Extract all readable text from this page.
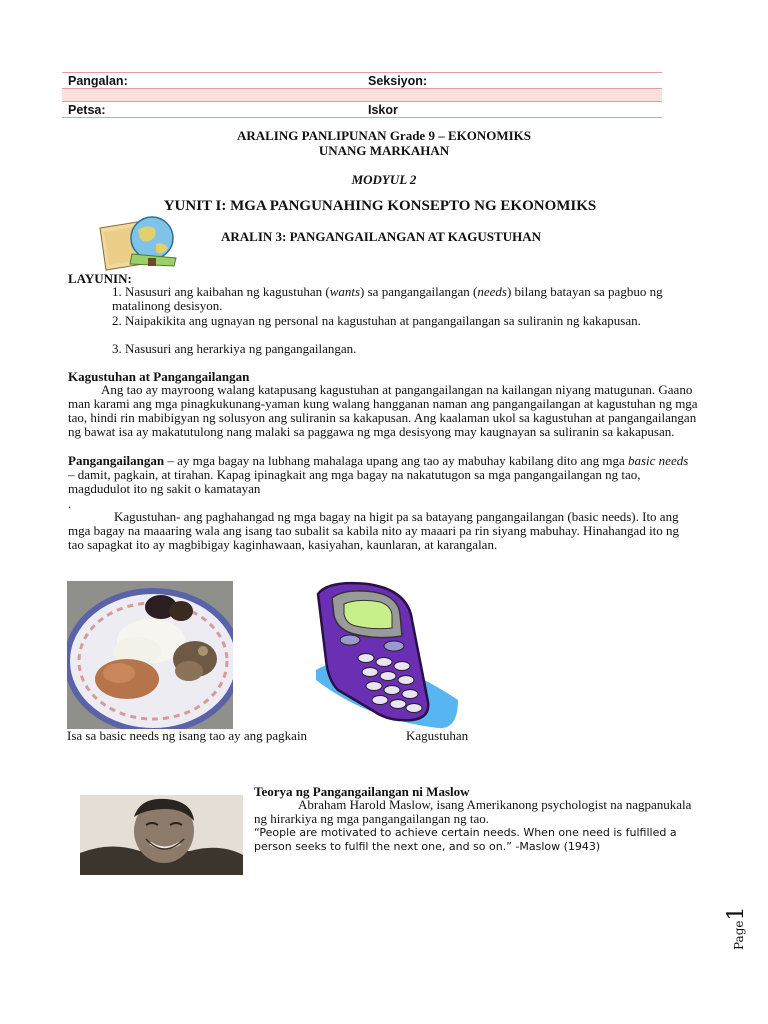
Pangalan:	Seksiyon:
Petsa:	Iskor
ARALING PANLIPUNAN Grade 9 – EKONOMIKS
UNANG MARKAHAN
MODYUL 2
YUNIT I: MGA PANGUNAHING KONSEPTO NG EKONOMIKS
ARALIN 3: PANGANGAILANGAN AT KAGUSTUHAN
LAYUNIN:
1. Nasusuri ang kaibahan ng kagustuhan (wants) sa pangangailangan (needs) bilang batayan sa pagbuo ng matalinong desisyon.
2. Naipakikita ang ugnayan ng personal na kagustuhan at pangangailangan sa suliranin ng kakapusan.
3. Nasusuri ang herarkiya ng pangangailangan.
Kagustuhan at Pangangailangan
Ang tao ay mayroong walang katapusang kagustuhan at pangangailangan na kailangan niyang matugunan. Gaano man karami ang mga pinagkukunang-yaman kung walang hangganan naman ang pangangailangan at kagustuhan ng mga tao, hindi rin mabibigyan ng solusyon ang suliranin sa kakapusan. Ang kaalaman ukol sa kagustuhan at pangangailangan ng bawat isa ay makatutulong nang malaki sa paggawa ng mga desisyong may kaugnayan sa suliranin sa kakapusan.
Pangangailangan – ay mga bagay na lubhang mahalaga upang ang tao ay mabuhay kabilang dito ang mga basic needs – damit, pagkain, at tirahan. Kapag ipinagkait ang mga bagay na nakatutugon sa mga pangangailangan ng tao, magdudulot ito ng sakit o kamatayan
.
Kagustuhan- ang paghahangad ng mga bagay na higit pa sa batayang pangangailangan (basic needs). Ito ang mga bagay na maaaring wala ang isang tao subalit sa kabila nito ay maaari pa rin siyang mabuhay. Hinahangad ito ng tao sapagkat ito ay magbibigay kaginhawaan, kasiyahan, kaunlaran, at karangalan.
Isa sa basic needs ng isang tao ay ang pagkain	Kagustuhan
Teorya ng Pangangailangan ni Maslow
Abraham Harold Maslow, isang Amerikanong psychologist na nagpanukala ng hirarkiya ng mga pangangailangan ng tao.
“People are motivated to achieve certain needs. When one need is fulfilled a person seeks to fulfil the next one, and so on.” -Maslow (1943)
Page1
